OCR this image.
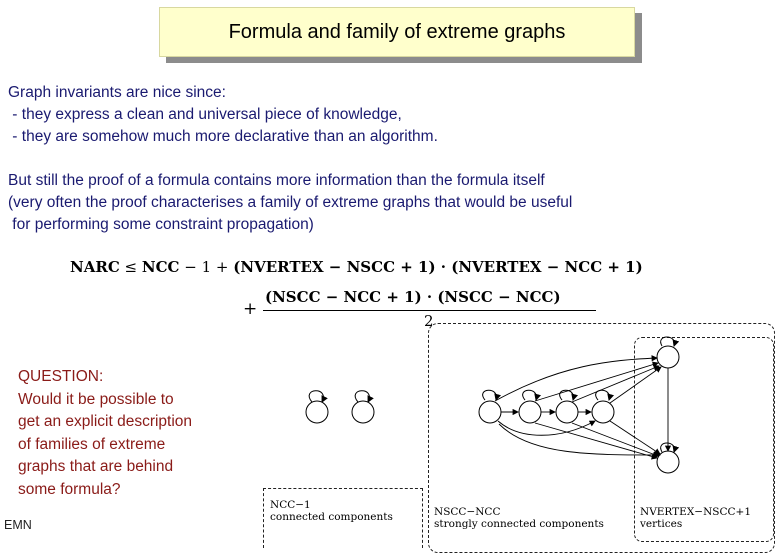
Formula and family of extreme graphs

Graph invariants are nice since:
- they express a clean and universal piece of knowledge,
- they are somehow much more declarative than an algorithm.

But still the proof of a formula contains more information than the formula itself
(very often the proof characterises a family of extreme graphs that would be useful
for performing some constraint propagation)

NARC ≤ NCC − 1 + (NVERTEX − NSCC + 1) · (NVERTEX − NCC + 1)
+
(NSCC − NCC + 1) · (NSCC − NCC)
2

QUESTION:
Would it be possible to
get an explicit description
of families of extreme
graphs that are behind
some formula?

EMN
NCC−1
connected components	NSCC−NCC
strongly connected components
NVERTEX−NSCC+1
vertices
